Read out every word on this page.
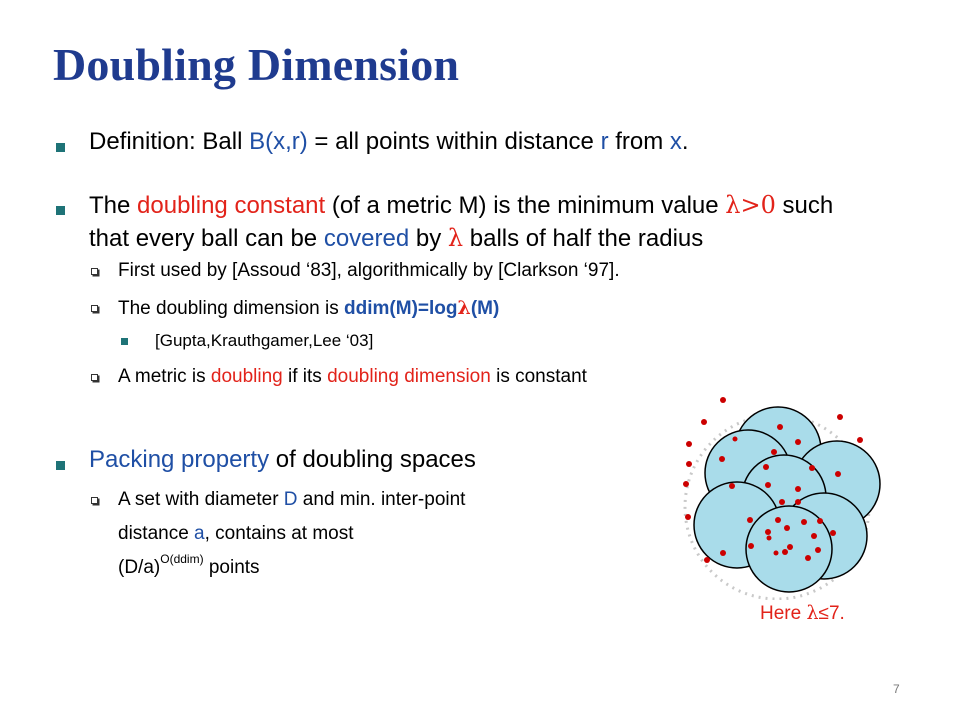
Doubling Dimension
Definition: Ball B(x,r) = all points within distance r from x.
The doubling constant (of a metric M) is the minimum value λ>0 such
that every ball can be covered by λ balls of half the radius
First used by [Assoud ‘83], algorithmically by [Clarkson ‘97].
The doubling dimension is ddim(M)=logλ(M)
[Gupta,Krauthgamer,Lee ‘03]
A metric is doubling if its doubling dimension is constant
Packing property of doubling spaces
A set with diameter D and min. inter-point
distance a, contains at most
$(D/a)^{O(ddim)}$ points
Here λ≤7.
7
